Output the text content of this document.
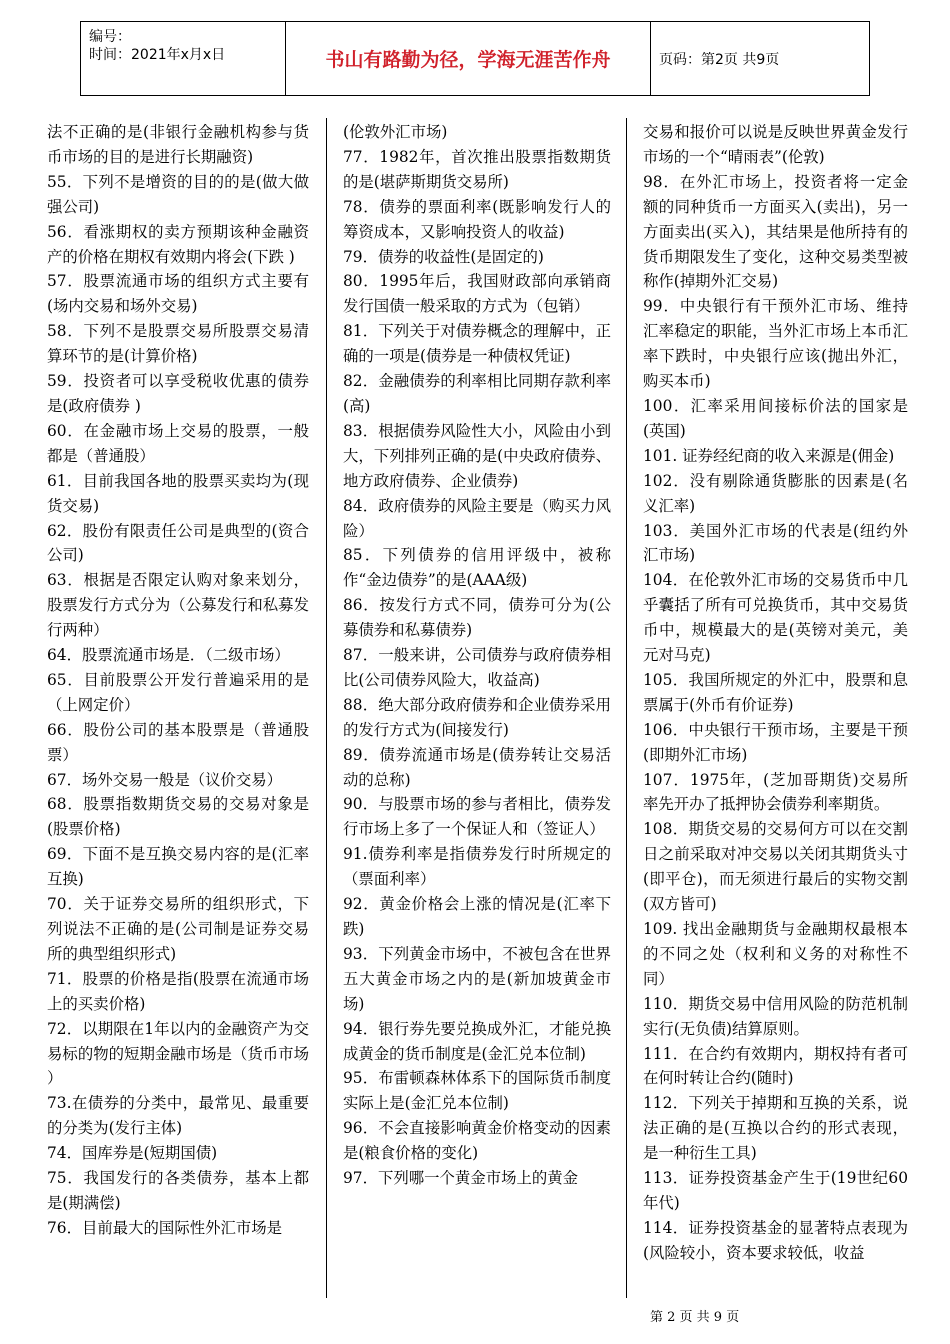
编号：
时间：2021年x月x日	书山有路勤为径，学海无涯苦作舟	页码：第2页 共9页

法不正确的是(非银行金融机构参与货币市场的目的是进行长期融资)

55．下列不是增资的目的的是(做大做强公司)

56．看涨期权的卖方预期该种金融资产的价格在期权有效期内将会(下跌 )

57．股票流通市场的组织方式主要有(场内交易和场外交易)

58．下列不是股票交易所股票交易清算环节的是(计算价格)

59．投资者可以享受税收优惠的债券是(政府债券 )

60．在金融市场上交易的股票，一般都是（普通股）

61．目前我国各地的股票买卖均为(现货交易)

62．股份有限责任公司是典型的(资合公司)

63．根据是否限定认购对象来划分，股票发行方式分为（公募发行和私募发行两种）

64．股票流通市场是．（二级市场）

65．目前股票公开发行普遍采用的是（上网定价）

66．股份公司的基本股票是（普通股票）

67．场外交易一般是（议价交易）

68．股票指数期货交易的交易对象是(股票价格)

69．下面不是互换交易内容的是(汇率互换)

70．关于证券交易所的组织形式，下列说法不正确的是(公司制是证券交易所的典型组织形式)

71．股票的价格是指(股票在流通市场上的买卖价格)

72．以期限在1年以内的金融资产为交易标的物的短期金融市场是（货币市场 ）

73.在债券的分类中，最常见、最重要的分类为(发行主体)

74．国库券是(短期国债)

75．我国发行的各类债券，基本上都是(期满偿)

76．目前最大的国际性外汇市场是

(伦敦外汇市场)

77．1982年，首次推出股票指数期货的是(堪萨斯期货交易所)

78．债券的票面利率(既影响发行人的筹资成本，又影响投资人的收益)

79．债券的收益性(是固定的)

80．1995年后，我国财政部向承销商发行国债一般采取的方式为（包销）

81．下列关于对债券概念的理解中，正确的一项是(债券是一种债权凭证)

82．金融债券的利率相比同期存款利率(高)

83．根据债券风险性大小，风险由小到大，下列排列正确的是(中央政府债券、地方政府债券、企业债券)

84．政府债券的风险主要是（购买力风险）

85．下列债券的信用评级中，被称作“金边债券”的是(AAA级)

86．按发行方式不同，债券可分为(公募债券和私募债券)

87．一般来讲，公司债券与政府债券相比(公司债券风险大，收益高)

88．绝大部分政府债券和企业债券采用的发行方式为(间接发行)

89．债券流通市场是(债券转让交易活动的总称)

90．与股票市场的参与者相比，债券发行市场上多了一个保证人和（签证人）

91.债券利率是指债券发行时所规定的（票面利率）

92．黄金价格会上涨的情况是(汇率下跌)

93．下列黄金市场中，不被包含在世界五大黄金市场之内的是(新加坡黄金市场)

94．银行券先要兑换成外汇，才能兑换成黄金的货币制度是(金汇兑本位制)

95．布雷顿森林体系下的国际货币制度实际上是(金汇兑本位制)

96．不会直接影响黄金价格变动的因素是(粮食价格的变化)

97．下列哪一个黄金市场上的黄金

交易和报价可以说是反映世界黄金发行市场的一个“晴雨表”(伦敦)

98．在外汇市场上，投资者将一定金额的同种货币一方面买入(卖出)，另一方面卖出(买入)，其结果是他所持有的货币期限发生了变化，这种交易类型被称作(掉期外汇交易)

99．中央银行有干预外汇市场、维持汇率稳定的职能，当外汇市场上本币汇率下跌时，中央银行应该(抛出外汇，购买本币)

100．汇率采用间接标价法的国家是(英国)

101. 证券经纪商的收入来源是(佣金)

102．没有剔除通货膨胀的因素是(名义汇率)

103．美国外汇市场的代表是(纽约外汇市场)

104．在伦敦外汇市场的交易货币中几乎囊括了所有可兑换货币，其中交易货币中，规模最大的是(英镑对美元，美元对马克)

105．我国所规定的外汇中，股票和息票属于(外币有价证券)

106．中央银行干预市场，主要是干预(即期外汇市场)

107．1975年，(芝加哥期货)交易所率先开办了抵押协会债券利率期货。

108．期货交易的交易何方可以在交割日之前采取对冲交易以关闭其期货头寸(即平仓)，而无须进行最后的实物交割(双方皆可)

109. 找出金融期货与金融期权最根本的不同之处（权利和义务的对称性不同）

110．期货交易中信用风险的防范机制实行(无负债)结算原则。

111．在合约有效期内，期权持有者可在何时转让合约(随时)

112．下列关于掉期和互换的关系，说法正确的是(互换以合约的形式表现，是一种衍生工具)

113．证券投资基金产生于(19世纪60年代)

114．证券投资基金的显著特点表现为(风险较小，资本要求较低，收益

第 2 页 共 9 页
